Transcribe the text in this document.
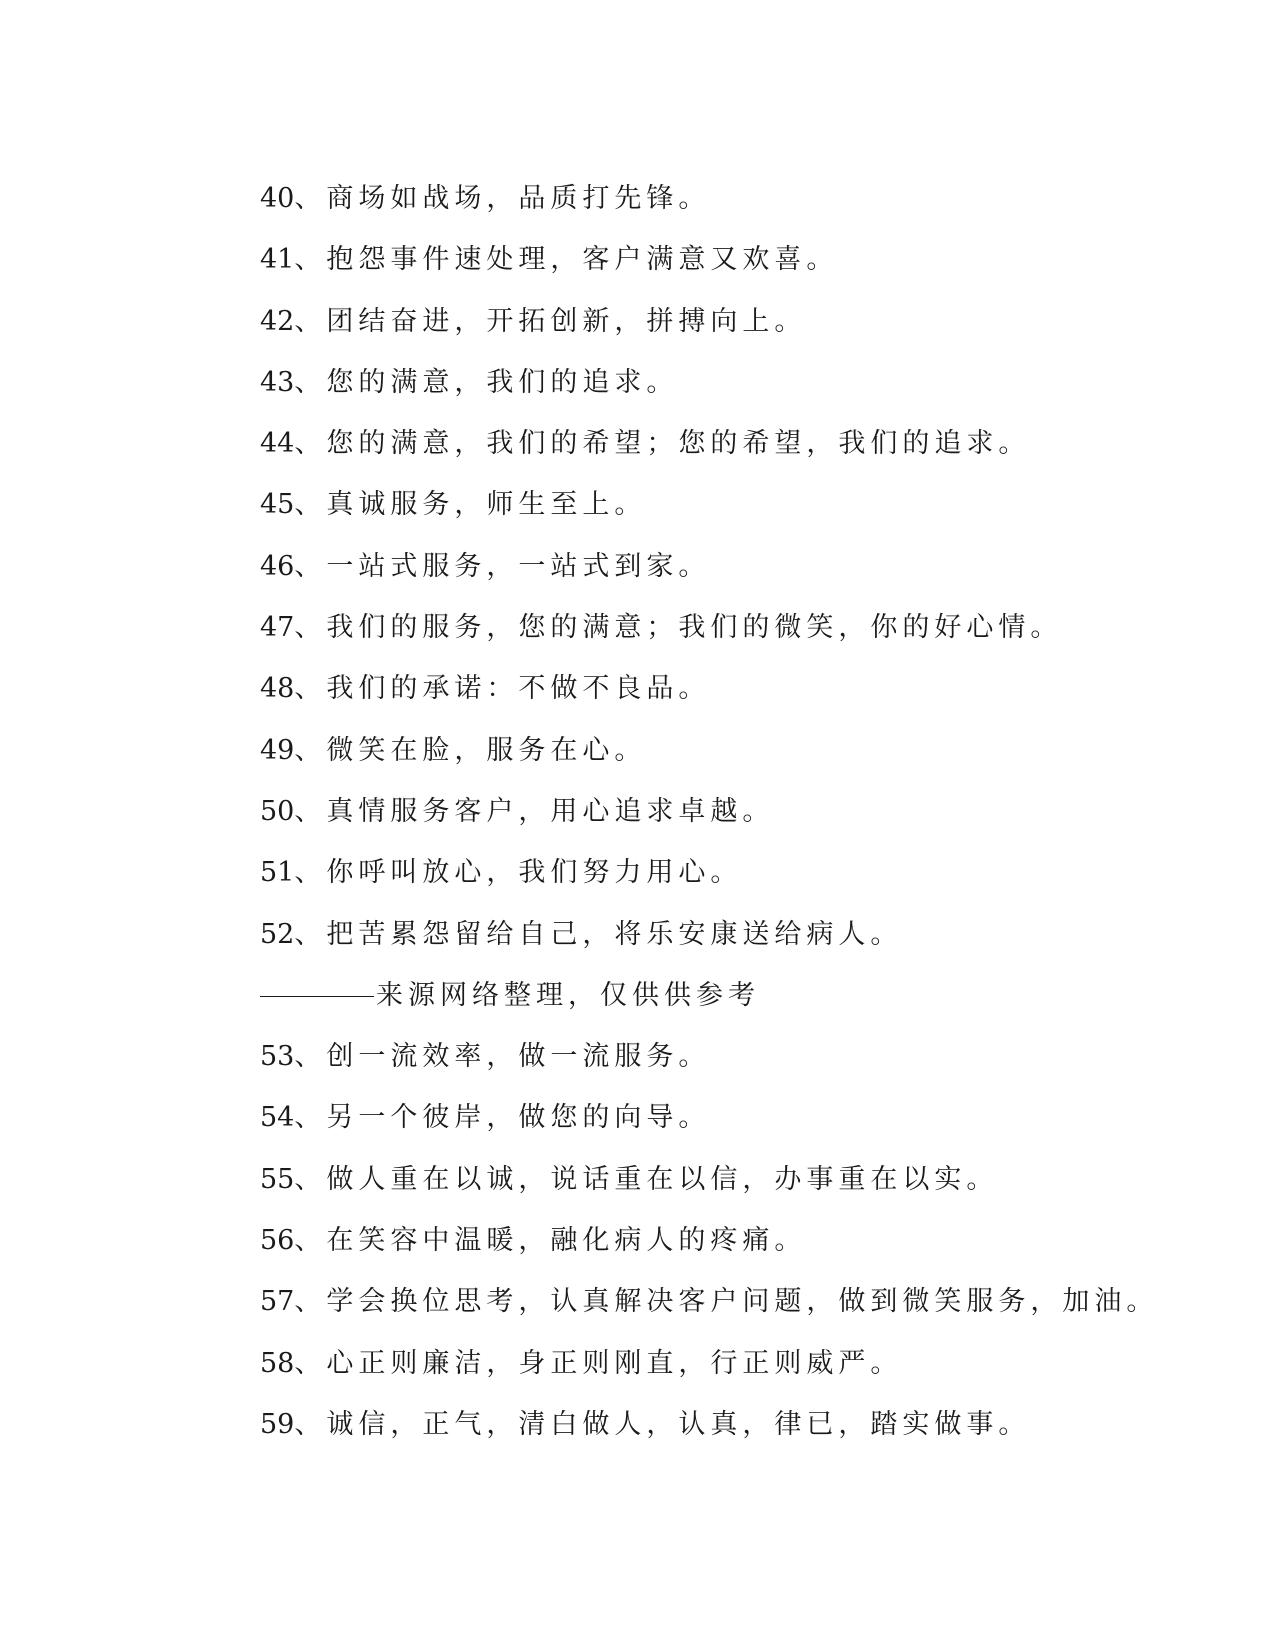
40、商场如战场，品质打先锋。
41、抱怨事件速处理，客户满意又欢喜。
42、团结奋进，开拓创新，拼搏向上。
43、您的满意，我们的追求。
44、您的满意，我们的希望；您的希望，我们的追求。
45、真诚服务，师生至上。
46、一站式服务，一站式到家。
47、我们的服务，您的满意；我们的微笑，你的好心情。
48、我们的承诺：不做不良品。
49、微笑在脸，服务在心。
50、真情服务客户，用心追求卓越。
51、你呼叫放心，我们努力用心。
52、把苦累怨留给自己，将乐安康送给病人。
来源网络整理，仅供供参考
53、创一流效率，做一流服务。
54、另一个彼岸，做您的向导。
55、做人重在以诚，说话重在以信，办事重在以实。
56、在笑容中温暖，融化病人的疼痛。
57、学会换位思考，认真解决客户问题，做到微笑服务，加油。
58、心正则廉洁，身正则刚直，行正则威严。
59、诚信，正气，清白做人，认真，律已，踏实做事。
